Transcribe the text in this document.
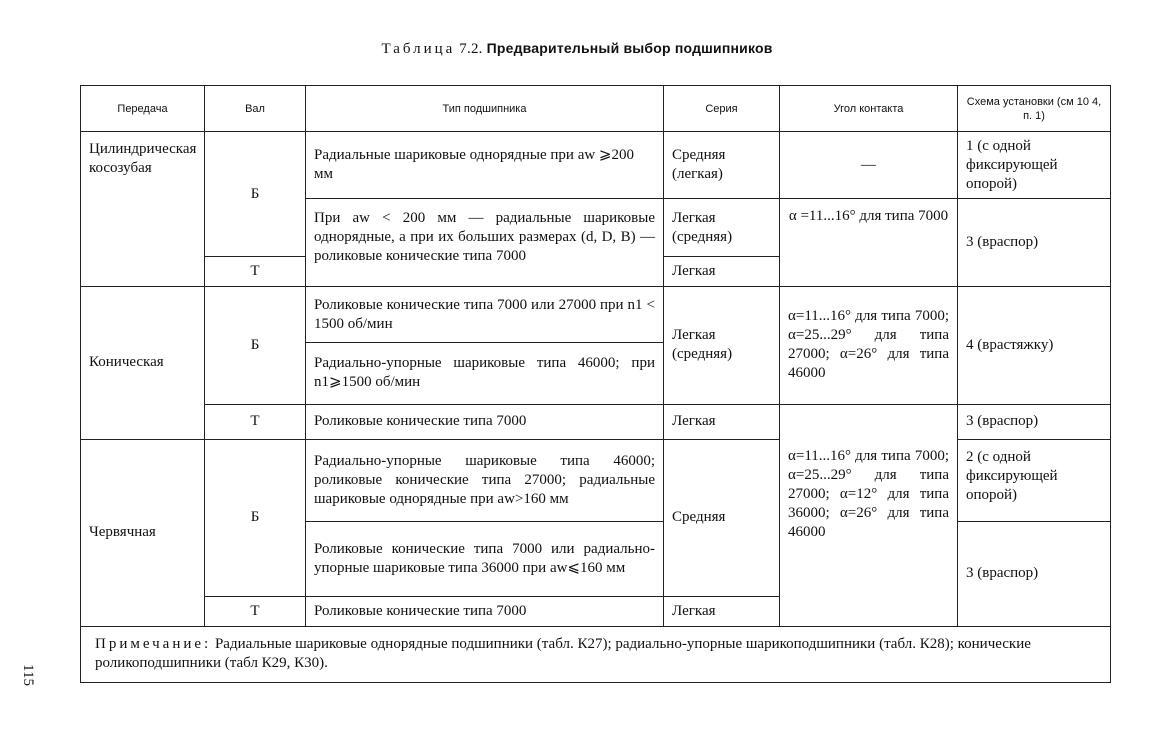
Таблица 7.2. Предварительный выбор подшипников
115
Передача	Вал	Тип подшипника	Серия	Угол контакта	Схема установки (см 10 4, п. 1)
Цилиндрическая косозубая	Б	Радиальные шариковые однорядные при aw ⩾200 мм	Средняя (легкая)	—	1 (с одной фиксирующей опорой)
		При aw < 200 мм — радиальные шариковые однорядные, а при их больших размерах (d, D, B) — роликовые конические типа 7000	Легкая (средняя)	α =11...16° для типа 7000	3 (враспор)
	Т		Легкая		
Коническая	Б	Роликовые конические типа 7000 или 27000 при n1 < 1500 об/мин	Легкая (средняя)	α=11...16° для типа 7000; α=25...29° для типа 27000; α=26° для типа 46000	4 (врастяжку)
		Радиально-упорные шариковые типа 46000; при n1⩾1500 об/мин			
	Т	Роликовые конические типа 7000	Легкая		3 (враспор)
Червячная	Б	Радиально-упорные шариковые типа 46000; роликовые конические типа 27000; радиальные шариковые однорядные при aw>160 мм	Средняя	α=11...16° для типа 7000; α=25...29° для типа 27000; α=12° для типа 36000; α=26° для типа 46000	2 (с одной фиксирующей опорой)
		Роликовые конические типа 7000 или радиально-упорные шариковые типа 36000 при aw⩽160 мм			3 (враспор)
	Т	Роликовые конические типа 7000	Легкая		
Примечание: Радиальные шариковые однорядные подшипники (табл. К27); радиально-упорные шарикоподшипники (табл. К28); конические роликоподшипники (табл К29, К30).					
